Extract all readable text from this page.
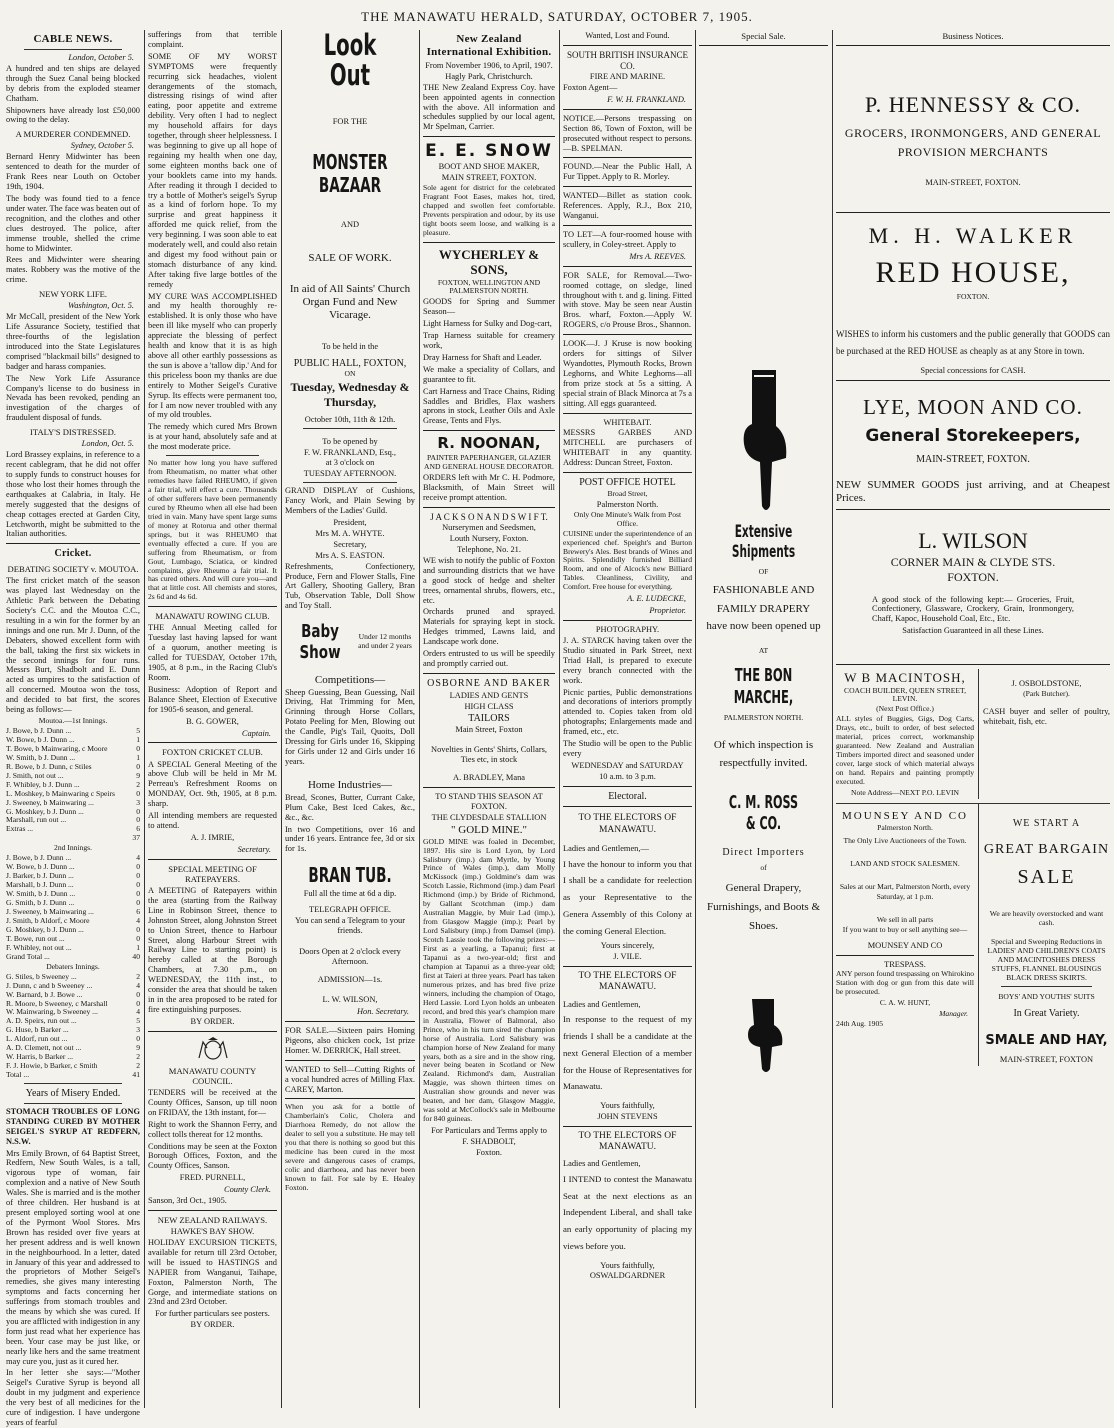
THE MANAWATU HERALD, SATURDAY, OCTOBER 7, 1905.
CABLE NEWS.
London, October 5.
A hundred and ten ships are delayed through the Suez Canal being blocked by debris from the exploded steamer Chatham.
Shipowners have already lost £50,000 owing to the delay.
A MURDERER CONDEMNED.
Sydney, October 5.
Bernard Henry Midwinter has been sentenced to death for the murder of Frank Rees near Louth on October 19th, 1904.
The body was found tied to a fence under water. The face was beaten out of recognition, and the clothes and other clues destroyed. The police, after immense trouble, shelled the crime home to Midwinter.
Rees and Midwinter were shearing mates. Robbery was the motive of the crime.
NEW YORK LIFE.
Washington, Oct. 5.
Mr McCall, president of the New York Life Assurance Society, testified that three-fourths of the legislation introduced into the State Legislatures comprised "blackmail bills" designed to badger and harass companies.
The New York Life Assurance Company's license to do business in Nevada has been revoked, pending an investigation of the charges of fraudulent disposal of funds.
ITALY'S DISTRESSED.
London, Oct. 5.
Lord Brassey explains, in reference to a recent cablegram, that he did not offer to supply funds to construct houses for those who lost their homes through the earthquakes at Calabria, in Italy. He merely suggested that the designs of cheap cottages erected at Garden City, Letchworth, might be submitted to the Italian authorities.
Cricket.
DEBATING SOCIETY v. MOUTOA.
The first cricket match of the season was played last Wednesday on the Athletic Park between the Debating Society's C.C. and the Moutoa C.C., resulting in a win for the former by an innings and one run. Mr J. Dunn, of the Debaters, showed excellent form with the ball, taking the first six wickets in the second innings for four runs. Messrs Burt, Shadbolt and E. Dunn acted as umpires to the satisfaction of all concerned. Moutoa won the toss, and decided to bat first, the scores being as follows:—
Moutoa.—1st Innings.
J. Bowe, b J. Dunn ...	5
W. Bowe, b J. Dunn ...	1
T. Bowe, b Mainwaring, c Moore	0
W. Smith, b J. Dunn ...	1
R. Bowe, b J. Dunn, c Stiles	0
J. Smith, not out ...	9
F. Whibley, b J. Dunn ...	2
L. Moshkey, b Mainwaring c Speirs	0
J. Sweeney, b Mainwaring ...	3
G. Moshkey, b J. Dunn ...	0
Marshall, run out ...	0
Extras ...	6
37
2nd Innings.
J. Bowe, b J. Dunn ...	4
W. Bowe, b J. Dunn ...	0
J. Barker, b J. Dunn ...	0
Marshall, b J. Dunn ...	0
W. Smith, b J. Dunn ...	0
G. Smith, b J. Dunn ...	0
J. Sweeney, b Mainwaring ...	6
J. Smith, b Aldorf, c Moore	4
G. Moshkey, b J. Dunn ...	0
T. Bowe, run out ...	0
F. Whibley, not out ...	1
Grand Total ...	40
Debaters Innings.
G. Stiles, b Sweeney ...	2
J. Dunn, c and b Sweeney ...	4
W. Barnard, b J. Bowe ...	0
R. Moore, b Sweeney, c Marshall	0
W. Mainwaring, b Sweeney ...	4
A. D. Speirs, run out ...	5
G. Huse, b Barker ...	3
L. Aldorf, run out ...	0
A. D. Clemett, not out ...	9
W. Harris, b Barker ...	2
F. J. Howie, b Barker, c Smith	2
Total ...	41
Years of Misery Ended.
STOMACH TROUBLES OF LONG STANDING CURED BY MOTHER SEIGEL'S SYRUP AT REDFERN, N.S.W.
Mrs Emily Brown, of 64 Baptist Street, Redfern, New South Wales, is a tall, vigorous type of woman, fair complexion and a native of New South Wales. She is married and is the mother of three children. Her husband is at present employed sorting wool at one of the Pyrmont Wool Stores. Mrs Brown has resided over five years at her present address and is well known in the neighbourhood. In a letter, dated in January of this year and addressed to the proprietors of Mother Seigel's remedies, she gives many interesting symptoms and facts concerning her sufferings from stomach troubles and the means by which she was cured. If you are afflicted with indigestion in any form just read what her experience has been. Your case may be just like, or nearly like hers and the same treatment may cure you, just as it cured her.
In her letter she says:—"Mother Seigel's Curative Syrup is beyond all doubt in my judgment and experience the very best of all medicines for the cure of indigestion. I have undergone years of fearful
sufferings from that terrible complaint.
SOME OF MY WORST SYMPTOMS were frequently recurring sick headaches, violent derangements of the stomach, distressing risings of wind after eating, poor appetite and extreme debility. Very often I had to neglect my household affairs for days together, through sheer helplessness. I was beginning to give up all hope of regaining my health when one day, some eighteen months back one of your booklets came into my hands. After reading it through I decided to try a bottle of Mother's seigel's Syrup as a kind of forlorn hope. To my surprise and great happiness it afforded me quick relief, from the very beginning. I was soon able to eat moderately well, and could also retain and digest my food without pain or stomach disturbance of any kind. After taking five large bottles of the remedy
MY CURE WAS ACCOMPLISHED and my health thoroughly re-established. It is only those who have been ill like myself who can properly appreciate the blessing of perfect health and know that it is as high above all other earthly possessions as the sun is above a 'tallow dip.' And for this priceless boon my thanks are due entirely to Mother Seigel's Curative Syrup. Its effects were permanent too, for I am now never troubled with any of my old troubles.
The remedy which cured Mrs Brown is at your hand, absolutely safe and at the most moderate price.
No matter how long you have suffered from Rheumatism, no matter what other remedies have failed RHEUMO, if given a fair trial, will effect a cure. Thousands of other sufferers have been permanently cured by Rheumo when all else had been tried in vain. Many have spent large sums of money at Rotorua and other thermal springs, but it was RHEUMO that eventually effected a cure. If you are suffering from Rheumatism, or from Gout, Lumbago, Sciatica, or kindred complaints, give Rheumo a fair trial. It has cured others. And will cure you—and that at little cost. All chemists and stores, 2s 6d and 4s 6d.
MANAWATU ROWING CLUB.
THE Annual Meeting called for Tuesday last having lapsed for want of a quorum, another meeting is called for TUESDAY, October 17th, 1905, at 8 p.m., in the Racing Club's Room.
Business: Adoption of Report and Balance Sheet, Election of Executive for 1905-6 season, and general.
B. G. GOWER,
Captain.
FOXTON CRICKET CLUB.
A SPECIAL General Meeting of the above Club will be held in Mr M. Perreau's Refreshment Rooms on MONDAY, Oct. 9th, 1905, at 8 p.m. sharp.
All intending members are requested to attend.
A. J. IMRIE,
Secretary.
SPECIAL MEETING OF RATEPAYERS.
A MEETING of Ratepayers within the area (starting from the Railway Line in Robinson Street, thence to Johnston Street, along Johnston Street to Union Street, thence to Harbour Street, along Harbour Street with Railway Line to starting point) is hereby called at the Borough Chambers, at 7.30 p.m., on WEDNESDAY, the 11th inst., to consider the area that should be taken in in the area proposed to be rated for fire extinguishing purposes.
BY ORDER.
MANAWATU COUNTY COUNCIL.
TENDERS will be received at the County Offices, Sanson, up till noon on FRIDAY, the 13th instant, for—
Right to work the Shannon Ferry, and collect tolls thereat for 12 months.
Conditions may be seen at the Foxton Borough Offices, Foxton, and the County Offices, Sanson.
FRED. PURNELL,
County Clerk.
Sanson, 3rd Oct., 1905.
NEW ZEALAND RAILWAYS.
HAWKE'S BAY SHOW.
HOLIDAY EXCURSION TICKETS, available for return till 23rd October, will be issued to HASTINGS and NAPIER from Wanganui, Taihape, Foxton, Palmerston North, The Gorge, and intermediate stations on 23nd and 23rd October.
For further particulars see posters.
BY ORDER.
Look Out
FOR THE
MONSTER BAZAAR
AND
SALE OF WORK.
In aid of All Saints' Church Organ Fund and New Vicarage.
To be held in the
PUBLIC HALL, FOXTON,
ON
Tuesday, Wednesday & Thursday,
October 10th, 11th & 12th.
To be opened by
F. W. FRANKLAND, Esq.,
at 3 o'clock on
TUESDAY AFTERNOON.
GRAND DISPLAY of Cushions, Fancy Work, and Plain Sewing by Members of the Ladies' Guild.
President,
Mrs M. A. WHYTE.
Secretary,
Mrs A. S. EASTON.
Refreshments, Confectionery, Produce, Fern and Flower Stalls, Fine Art Gallery, Shooting Gallery, Bran Tub, Observation Table, Doll Show and Toy Stall.
Baby Show
Under 12 months and under 2 years
Competitions—
Sheep Guessing, Bean Guessing, Nail Driving, Hat Trimming for Men, Grinning through Horse Collars, Potato Peeling for Men, Blowing out the Candle, Pig's Tail, Quoits, Doll Dressing for Girls under 16, Skipping for Girls under 12 and Girls under 16 years.
Home Industries—
Bread, Scones, Butter, Currant Cake, Plum Cake, Best Iced Cakes, &c., &c., &c.
In two Competitions, over 16 and under 16 years. Entrance fee, 3d or six for 1s.
BRAN TUB.
Full all the time at 6d a dip.
TELEGRAPH OFFICE.
You can send a Telegram to your friends.
Doors Open at 2 o'clock every Afternoon.
ADMISSION—1s.
L. W. WILSON,
Hon. Secretary.
FOR SALE.—Sixteen pairs Homing Pigeons, also chicken cock, 1st prize Homer. W. DERRICK, Hall street.
WANTED to Sell—Cutting Rights of a vocal hundred acres of Milling Flax. CAREY, Marton.
When you ask for a bottle of Chamberlain's Colic, Cholera and Diarrhoea Remedy, do not allow the dealer to sell you a substitute. He may tell you that there is nothing so good but this medicine has been cured in the most severe and dangerous cases of cramps, colic and diarrhoea, and has never been known to fail. For sale by E. Healey Foxton.
New Zealand International Exhibition.
From November 1906, to April, 1907.
Hagly Park, Christchurch.
THE New Zealand Express Coy. have been appointed agents in connection with the above. All information and schedules supplied by our local agent, Mr Spelman, Carrier.
E. E. SNOW
BOOT AND SHOE MAKER,
MAIN STREET, FOXTON.
Sole agent for district for the celebrated Fragrant Foot Eases, makes hot, tired, chapped and swollen feet comfortable. Prevents perspiration and odour, by its use tight boots seem loose, and walking is a pleasure.
WYCHERLEY & SONS,
FOXTON, WELLINGTON AND PALMERSTON NORTH.
GOODS for Spring and Summer Season—
Light Harness for Sulky and Dog-cart,
Trap Harness suitable for creamery work,
Dray Harness for Shaft and Leader.
We make a speciality of Collars, and guarantee to fit.
Cart Harness and Trace Chains, Riding Saddles and Bridles, Flax washers aprons in stock, Leather Oils and Axle Grease, Tents and Flys.
R. NOONAN,
PAINTER PAPERHANGER, GLAZIER AND GENERAL HOUSE DECORATOR.
ORDERS left with Mr C. H. Podmore, Blacksmith, of Main Street will receive prompt attention.
J A C K S O N A N D S W I F T.
Nurserymen and Seedsmen,
Louth Nursery, Foxton.
Telephone, No. 21.
WE wish to notify the public of Foxton and surrounding districts that we have a good stock of hedge and shelter trees, ornamental shrubs, flowers, etc., etc.
Orchards pruned and sprayed. Materials for spraying kept in stock. Hedges trimmed, Lawns laid, and Landscape work done.
Orders entrusted to us will be speedily and promptly carried out.
OSBORNE AND BAKER
LADIES AND GENTS
HIGH CLASS
TAILORS
Main Street, Foxton
Novelties in Gents' Shirts, Collars, Ties etc, in stock
A. BRADLEY, Mana
TO STAND THIS SEASON AT FOXTON.
THE CLYDESDALE STALLION
" GOLD MINE."
GOLD MINE was foaled in December, 1897. His sire is Lord Lyon, by Lord Salisbury (imp.) dam Myrtle, by Young Prince of Wales (imp.), dam Molly McKissock (imp.) Goldmine's dam was Scotch Lassie, Richmond (imp.) dam Pearl Richmond (imp.) by Bride of Richmond, by Gallant Scotchman (imp.) dam Australian Maggie, by Muir Lad (imp.), from Glasgow Maggie (imp.); Pearl by Lord Salisbury (imp.) from Damsel (imp). Scotch Lassie took the following prizes:—First as a yearling, a Tapanui; first at Tapanui as a two-year-old; first and champion at Tapanui as a three-year old; first at Taieri at three years. Pearl has taken numerous prizes, and has bred five prize winners, including the champion of Otago, Herd Lassie. Lord Lyon holds an unbeaten record, and bred this year's champion mare in Australia, Flower of Balmoral, also Prince, who in his turn sired the champion horse of Australia. Lord Salisbury was champion horse of New Zealand for many years, both as a sire and in the show ring, never being beaten in Scotland or New Zealand. Richmond's dam, Australian Maggie, was shown thirteen times on Australian show grounds and never was beaten, and her dam, Glasgow Maggie, was sold at McCollock's sale in Melbourne for 840 guineas.
For Particulars and Terms apply to
F. SHADBOLT,
Foxton.
Wanted, Lost and Found.
SOUTH BRITISH INSURANCE CO.
FIRE AND MARINE.
Foxton Agent—
F. W. H. FRANKLAND.
NOTICE.—Persons trespassing on Section 86, Town of Foxton, will be prosecuted without respect to persons.—B. SPELMAN.
FOUND.—Near the Public Hall, A Fur Tippet. Apply to R. Morley.
WANTED—Billet as station cook. References. Apply, R.J., Box 210, Wanganui.
TO LET—A four-roomed house with scullery, in Coley-street. Apply to
Mrs A. REEVES.
FOR SALE, for Removal.—Two-roomed cottage, on sledge, lined throughout with t. and g. lining. Fitted with stove. May be seen near Austin Bros. wharf, Foxton.—Apply W. ROGERS, c/o Prouse Bros., Shannon.
LOOK—J. J Kruse is now booking orders for sittings of Silver Wyandottes, Plymouth Rocks, Brown Leghorns, and White Leghorns—all from prize stock at 5s a sitting. A special strain of Black Minorca at 7s a sitting. All eggs guaranteed.
WHITEBAIT.
MESSRS GARBES AND MITCHELL are purchasers of WHITEBAIT in any quantity. Address: Duncan Street, Foxton.
POST OFFICE HOTEL
Broad Street,
Palmerston North.
Only One Minute's Walk from Post Office.
CUISINE under the superintendence of an experienced chef. Speight's and Burton Brewery's Ales. Best brands of Wines and Spirits. Splendidly furnished Billiard Room, and one of Alcock's new Billiard Tables. Cleanliness, Civility, and Comfort. Free house for everything.
A. E. LUDECKE,
Proprietor.
PHOTOGRAPHY.
J. A. STARCK having taken over the Studio situated in Park Street, next Triad Hall, is prepared to execute every branch connected with the work.
Picnic parties, Public demonstrations and decorations of interiors promptly attended to. Copies taken from old photographs; Enlargements made and framed, etc., etc.
The Studio will be open to the Public every
WEDNESDAY and SATURDAY
10 a.m. to 3 p.m.
Electoral.
TO THE ELECTORS OF MANAWATU.
Ladies and Gentlemen,—
I have the honour to inform you that I shall be a candidate for reelection as your Representative to the Genera Assembly of this Colony at the coming General Election.
Yours sincerely,
J. VILE.
TO THE ELECTORS OF MANAWATU.
Ladies and Gentlemen,
In response to the request of my friends I shall be a candidate at the next General Election of a member for the House of Representatives for Manawatu.
Yours faithfully,
JOHN STEVENS
TO THE ELECTORS OF MANAWATU.
Ladies and Gentlemen,
I INTEND to contest the Manawatu Seat at the next elections as an Independent Liberal, and shall take an early opportunity of placing my views before you.
Yours faithfully,
OSWALDGARDNER
Special Sale.
Extensive Shipments
OF
FASHIONABLE AND FAMILY DRAPERY
have now been opened up
AT
THE BON MARCHE,
PALMERSTON NORTH.
Of which inspection is respectfully invited.
C. M. ROSS & CO.
Direct Importers
of
General Drapery, Furnishings, and Boots & Shoes.
Business Notices.
P. HENNESSY & CO.
GROCERS, IRONMONGERS, AND GENERAL PROVISION MERCHANTS
MAIN-STREET, FOXTON.
M. H. WALKER
RED HOUSE,
FOXTON.
WISHES to inform his customers and the public generally that GOODS can be purchased at the RED HOUSE as cheaply as at any Store in town.
Special concessions for CASH.
LYE, MOON AND CO.
General Storekeepers,
MAIN-STREET, FOXTON.
NEW SUMMER GOODS just arriving, and at Cheapest Prices.
L. WILSON
CORNER MAIN & CLYDE STS.
FOXTON.
A good stock of the following kept:— Groceries, Fruit, Confectionery, Glassware, Crockery, Grain, Ironmongery, Chaff, Kapoc, Household Coal, Etc., Etc.
Satisfaction Guaranteed in all these Lines.
W B MACINTOSH,
COACH BUILDER, QUEEN STREET, LEVIN.
(Next Post Office.)
ALL styles of Buggies, Gigs, Dog Carts, Drays, etc., built to order, of best selected material, prices correct, workmanship guaranteed. New Zealand and Australian Timbers imported direct and seasoned under cover, large stock of which material always on hand. Repairs and painting promptly executed.
Note Address—NEXT P.O. LEVIN
J. OSBOLDSTONE,
(Park Butcher).
CASH buyer and seller of poultry, whitebait, fish, etc.
MOUNSEY AND CO
Palmerston North.
The Only Live Auctioneers of the Town.
LAND AND STOCK SALESMEN.
Sales at our Mart, Palmerston North, every
Saturday, at 1 p.m.
We sell in all parts
If you want to buy or sell anything see—
MOUNSEY AND CO
TRESPASS.
ANY person found trespassing on Whirokino Station with dog or gun from this date will be prosecuted.
C. A. W. HUNT,
Manager.
24th Aug. 1905
WE START A
GREAT BARGAIN
SALE
We are heavily overstocked and want cash.
Special and Sweeping Reductions in LADIES' AND CHILDREN'S COATS AND MACINTOSHES DRESS STUFFS, FLANNEL BLOUSINGS BLACK DRESS SKIRTS.
BOYS' AND YOUTHS' SUITS
In Great Variety.
SMALE AND HAY,
MAIN-STREET, FOXTON
